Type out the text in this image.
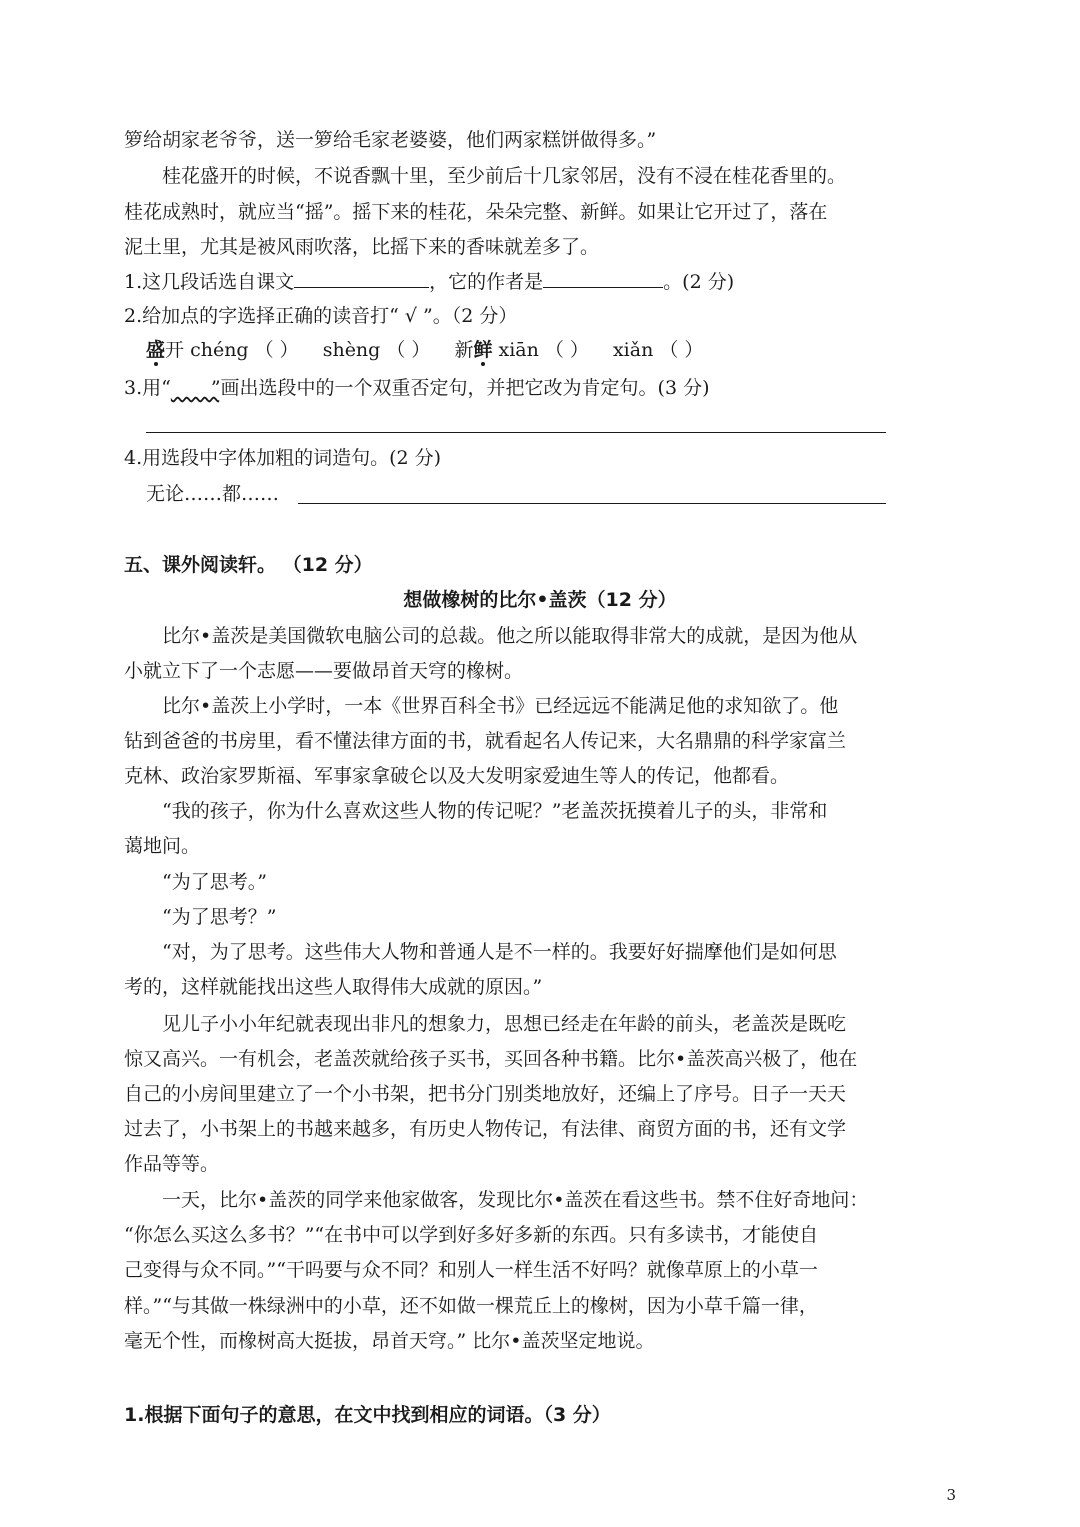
箩给胡家老爷爷，送一箩给毛家老婆婆，他们两家糕饼做得多。”
桂花盛开的时候，不说香飘十里，至少前后十几家邻居，没有不浸在桂花香里的。
桂花成熟时，就应当“摇”。摇下来的桂花，朵朵完整、新鲜。如果让它开过了，落在
泥土里，尤其是被风雨吹落，比摇下来的香味就差多了。
1.这几段话选自课文	，它的作者是	。(2 分)
2.给加点的字选择正确的读音打“ √ ”。（2 分）
盛开 chéng （ ） shèng （ ） 新鲜 xiān （ ） xiǎn （ ）
3.用“ ”画出选段中的一个双重否定句，并把它改为肯定句。(3 分)
4.用选段中字体加粗的词造句。(2 分)
无论……都……
五、课外阅读轩。 （12 分）
想做橡树的比尔•盖茨（12 分）
比尔•盖茨是美国微软电脑公司的总裁。他之所以能取得非常大的成就，是因为他从
小就立下了一个志愿——要做昂首天穹的橡树。
比尔•盖茨上小学时，一本《世界百科全书》已经远远不能满足他的求知欲了。他
钻到爸爸的书房里，看不懂法律方面的书，就看起名人传记来，大名鼎鼎的科学家富兰
克林、政治家罗斯福、军事家拿破仑以及大发明家爱迪生等人的传记，他都看。
“我的孩子，你为什么喜欢这些人物的传记呢？”老盖茨抚摸着儿子的头，非常和
蔼地问。
“为了思考。”
“为了思考？”
“对，为了思考。这些伟大人物和普通人是不一样的。我要好好揣摩他们是如何思
考的，这样就能找出这些人取得伟大成就的原因。”
见儿子小小年纪就表现出非凡的想象力，思想已经走在年龄的前头，老盖茨是既吃
惊又高兴。一有机会，老盖茨就给孩子买书，买回各种书籍。比尔•盖茨高兴极了，他在
自己的小房间里建立了一个小书架，把书分门别类地放好，还编上了序号。日子一天天
过去了，小书架上的书越来越多，有历史人物传记，有法律、商贸方面的书，还有文学
作品等等。
一天，比尔•盖茨的同学来他家做客，发现比尔•盖茨在看这些书。禁不住好奇地问：
“你怎么买这么多书？”“在书中可以学到好多好多新的东西。只有多读书，才能使自
己变得与众不同。”“干吗要与众不同？和别人一样生活不好吗？就像草原上的小草一
样。”“与其做一株绿洲中的小草，还不如做一棵荒丘上的橡树，因为小草千篇一律，
毫无个性，而橡树高大挺拔，昂首天穹。” 比尔•盖茨坚定地说。
1.根据下面句子的意思，在文中找到相应的词语。（3 分）
3
